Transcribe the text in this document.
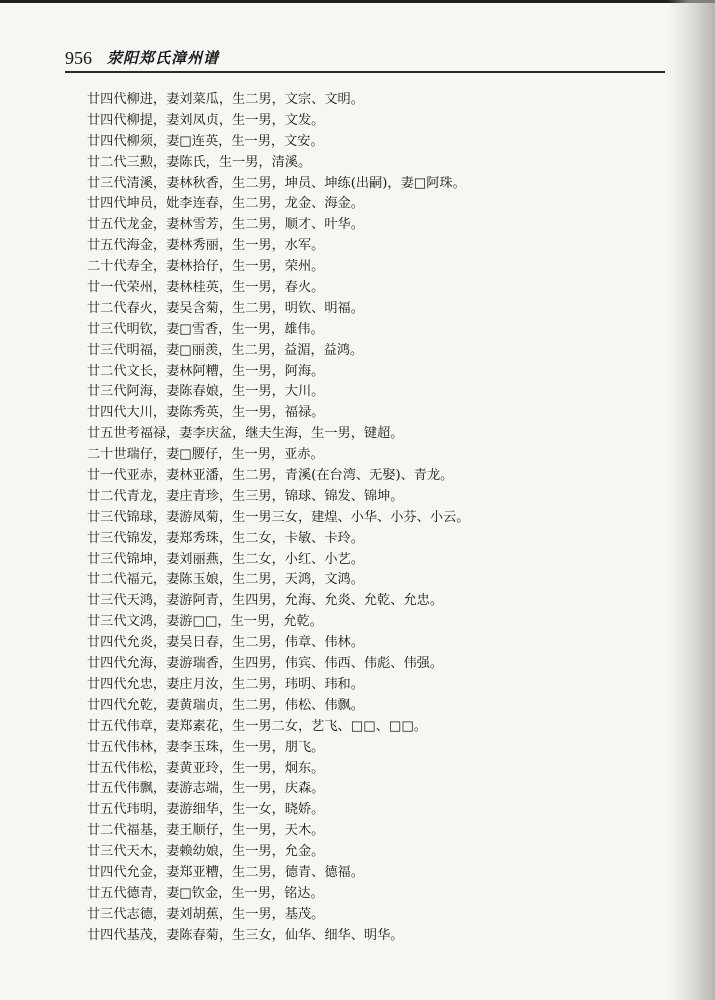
956 荥阳郑氏漳州谱
廿四代柳进，妻刘菜瓜，生二男，文宗、文明。
廿四代柳提，妻刘凤贞，生一男，文发。
廿四代柳须，妻□连英，生一男，文安。
廿二代三勲，妻陈氏，生一男，清溪。
廿三代清溪，妻林秋香，生二男，坤员、坤练(出嗣)，妻□阿珠。
廿四代坤员，妣李连春，生二男，龙金、海金。
廿五代龙金，妻林雪芳，生二男，顺才、叶华。
廿五代海金，妻林秀丽，生一男，水军。
二十代寿全，妻林拾仔，生一男，荣州。
廿一代荣州，妻林桂英，生一男，春火。
廿二代春火，妻吴含菊，生二男，明钦、明福。
廿三代明钦，妻□雪香，生一男，雄伟。
廿三代明福，妻□丽羡，生二男，益湄，益鸿。
廿二代文长，妻林阿糟，生一男，阿海。
廿三代阿海，妻陈春娘，生一男，大川。
廿四代大川，妻陈秀英，生一男，福禄。
廿五世考福禄，妻李庆盆，继夫生海，生一男，键超。
二十世瑞仔，妻□腰仔，生一男，亚赤。
廿一代亚赤，妻林亚潘，生二男，青溪(在台湾、无娶)、青龙。
廿二代青龙，妻庄青珍，生三男，锦球、锦发、锦坤。
廿三代锦球，妻游凤菊，生一男三女，建煌、小华、小芬、小云。
廿三代锦发，妻郑秀珠，生二女，卡敏、卡玲。
廿三代锦坤，妻刘丽燕，生二女，小红、小艺。
廿二代福元，妻陈玉娘，生二男，天鸿，文鸿。
廿三代天鸿，妻游阿青，生四男，允海、允炎、允乾、允忠。
廿三代文鸿，妻游□□，生一男，允乾。
廿四代允炎，妻吴日春，生二男，伟章、伟林。
廿四代允海，妻游瑞香，生四男，伟宾、伟西、伟彪、伟强。
廿四代允忠，妻庄月汝，生二男，玮明、玮和。
廿四代允乾，妻黄瑞贞，生二男，伟松、伟飘。
廿五代伟章，妻郑素花，生一男二女，艺飞、□□、□□。
廿五代伟林，妻李玉珠，生一男，朋飞。
廿五代伟松，妻黄亚玲，生一男，炯东。
廿五代伟飘，妻游志端，生一男，庆森。
廿五代玮明，妻游细华，生一女，晓娇。
廿二代福基，妻王顺仔，生一男，天木。
廿三代天木，妻赖幼娘，生一男，允金。
廿四代允金，妻郑亚糟，生二男，德青、德福。
廿五代德青，妻□钦金，生一男，铭达。
廿三代志德，妻刘胡蕉，生一男，基茂。
廿四代基茂，妻陈春菊，生三女，仙华、细华、明华。
